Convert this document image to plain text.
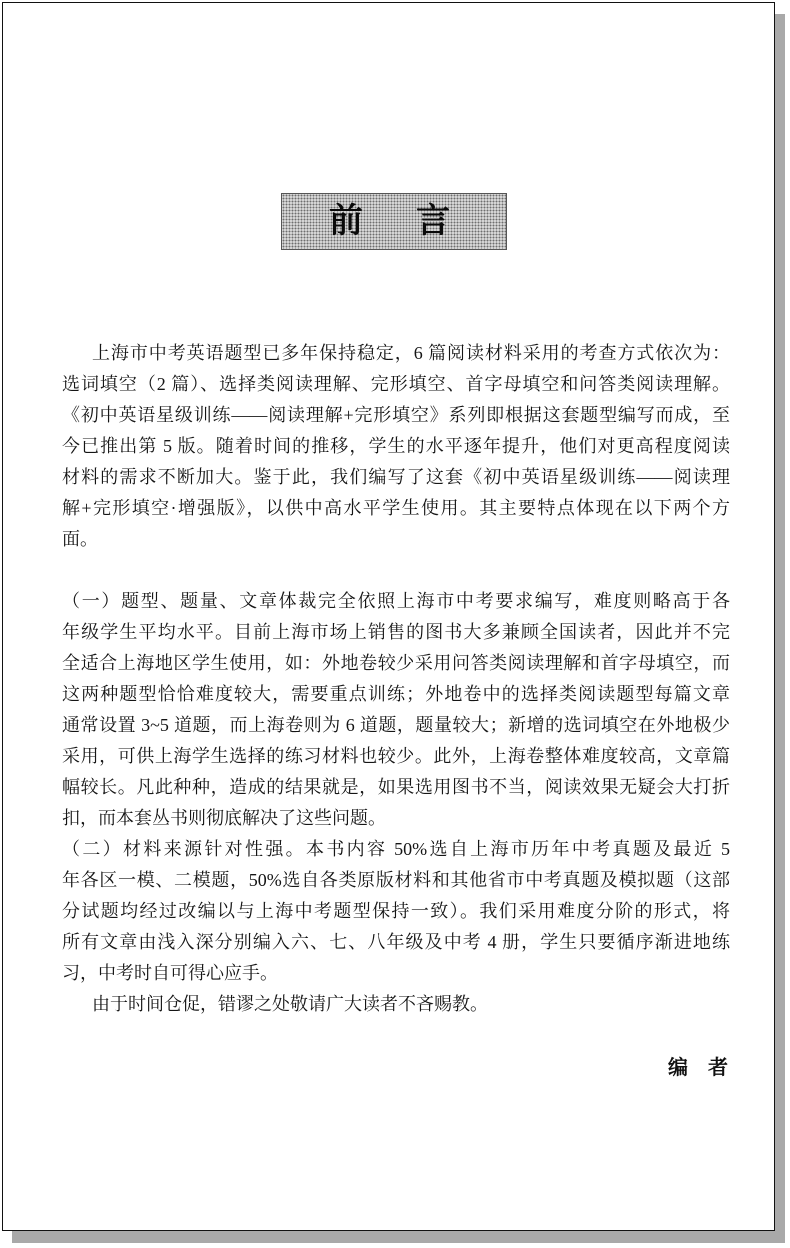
前言
上海市中考英语题型已多年保持稳定，6 篇阅读材料采用的考查方式依次为：
选词填空（2 篇）、选择类阅读理解、完形填空、首字母填空和问答类阅读理解。
《初中英语星级训练——阅读理解+完形填空》系列即根据这套题型编写而成，至
今已推出第 5 版。随着时间的推移，学生的水平逐年提升，他们对更高程度阅读
材料的需求不断加大。鉴于此，我们编写了这套《初中英语星级训练——阅读理
解+完形填空·增强版》，以供中高水平学生使用。其主要特点体现在以下两个方
面。
（一）题型、题量、文章体裁完全依照上海市中考要求编写，难度则略高于各
年级学生平均水平。目前上海市场上销售的图书大多兼顾全国读者，因此并不完
全适合上海地区学生使用，如：外地卷较少采用问答类阅读理解和首字母填空，而
这两种题型恰恰难度较大，需要重点训练；外地卷中的选择类阅读题型每篇文章
通常设置 3~5 道题，而上海卷则为 6 道题，题量较大；新增的选词填空在外地极少
采用，可供上海学生选择的练习材料也较少。此外，上海卷整体难度较高，文章篇
幅较长。凡此种种，造成的结果就是，如果选用图书不当，阅读效果无疑会大打折
扣，而本套丛书则彻底解决了这些问题。
（二）材料来源针对性强。本书内容 50%选自上海市历年中考真题及最近 5
年各区一模、二模题，50%选自各类原版材料和其他省市中考真题及模拟题（这部
分试题均经过改编以与上海中考题型保持一致）。我们采用难度分阶的形式，将
所有文章由浅入深分别编入六、七、八年级及中考 4 册，学生只要循序渐进地练
习，中考时自可得心应手。
由于时间仓促，错谬之处敬请广大读者不吝赐教。
编者
